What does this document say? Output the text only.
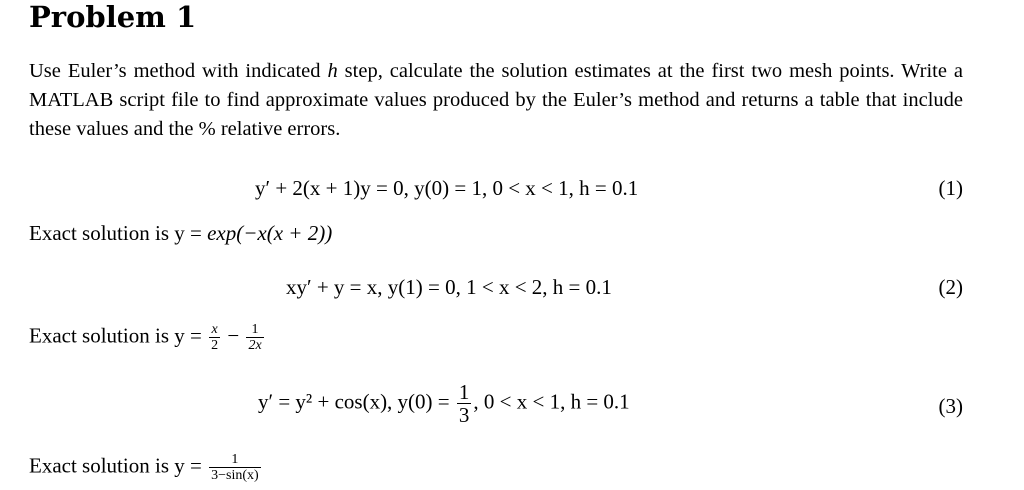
Problem 1
Use Euler’s method with indicated h step, calculate the solution estimates at the first two mesh points. Write a MATLAB script file to find approximate values produced by the Euler’s method and returns a table that include these values and the % relative errors.
y′ + 2(x + 1)y = 0, y(0) = 1, 0 < x < 1, h = 0.1	(1)
Exact solution is y = exp(−x(x + 2))
xy′ + y = x, y(1) = 0, 1 < x < 2, h = 0.1	(2)
Exact solution is $y = \frac{x}{2} - \frac{1}{2x}$
y′ = y² + cos(x), $y(0) = \frac{1}{3}$ , 0 < x < 1, h = 0.1	(3)
Exact solution is $y = \frac{1}{3-\sin(x)}$
